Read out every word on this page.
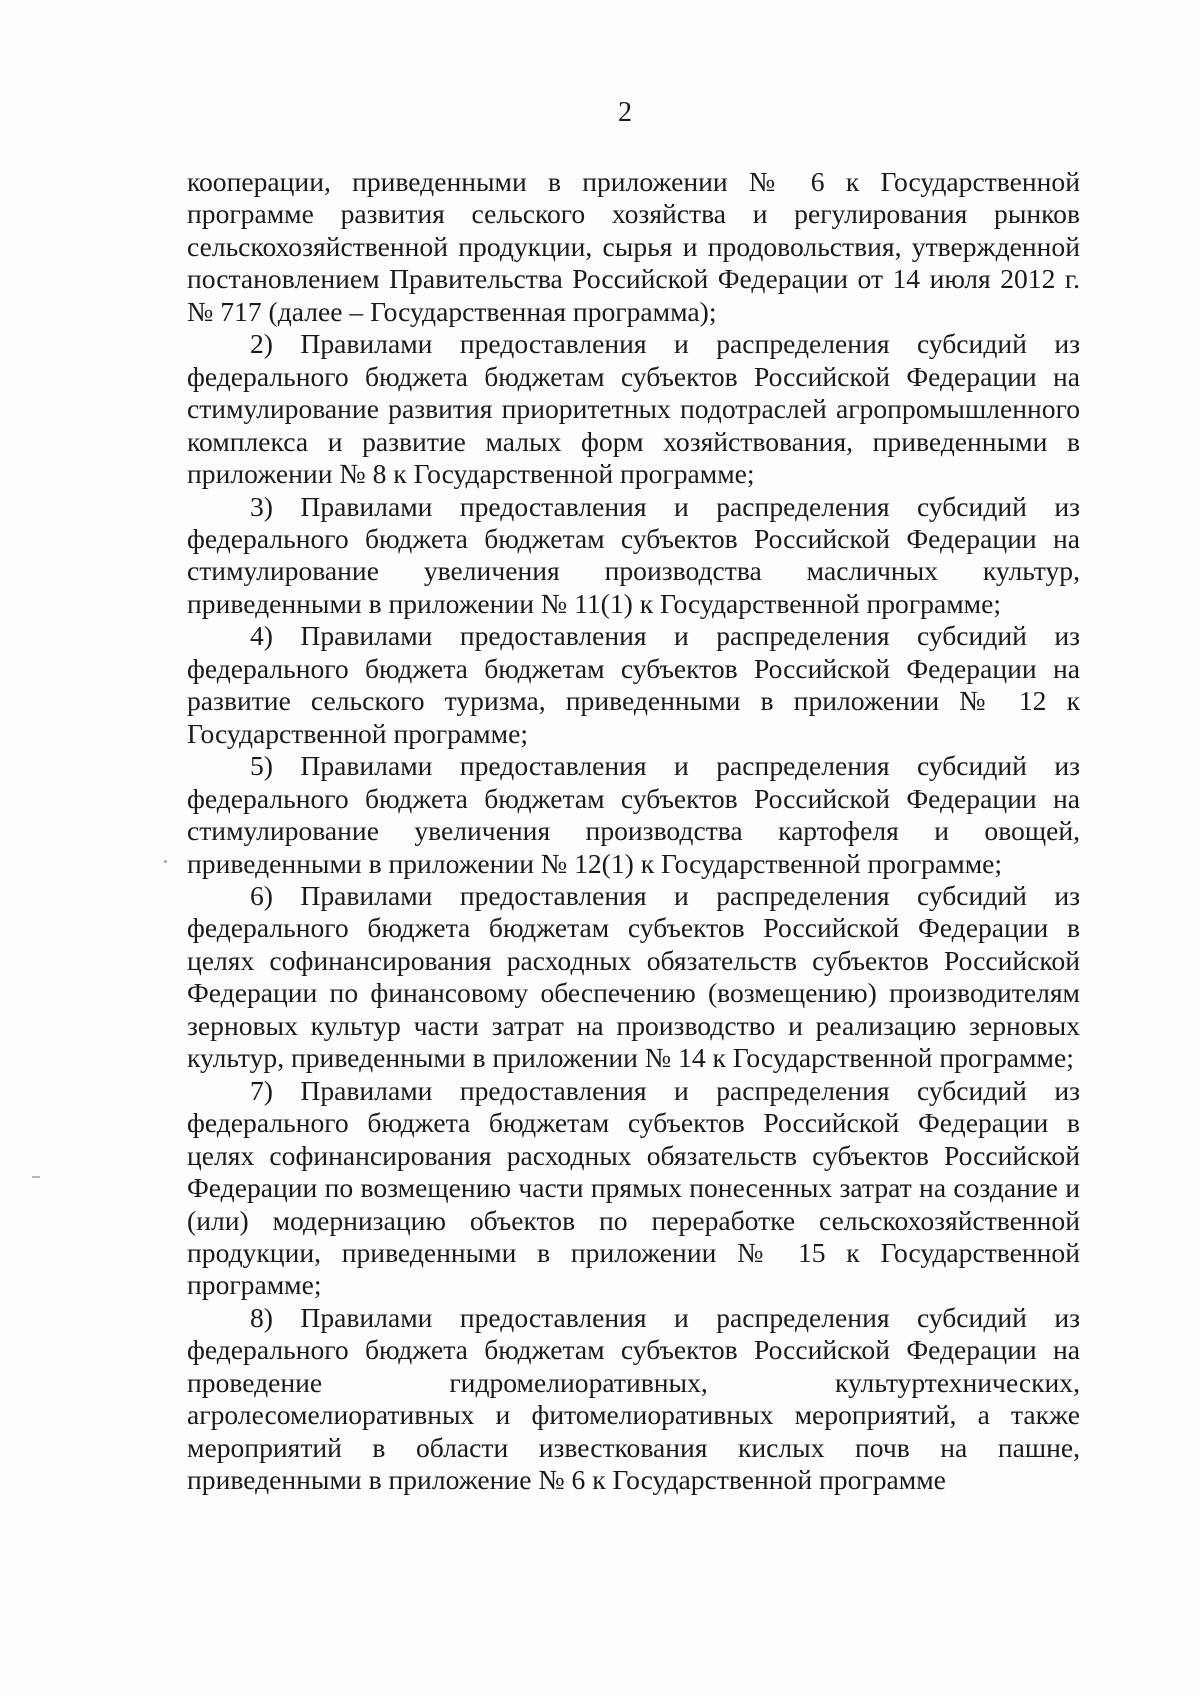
2

кооперации, приведенными в приложении № 6 к Государственной программе развития сельского хозяйства и регулирования рынков сельскохозяйственной продукции, сырья и продовольствия, утвержденной постановлением Правительства Российской Федерации от 14 июля 2012 г. № 717 (далее – Государственная программа);

2) Правилами предоставления и распределения субсидий из федерального бюджета бюджетам субъектов Российской Федерации на стимулирование развития приоритетных подотраслей агропромышленного комплекса и развитие малых форм хозяйствования, приведенными в приложении № 8 к Государственной программе;

3) Правилами предоставления и распределения субсидий из федерального бюджета бюджетам субъектов Российской Федерации на стимулирование увеличения производства масличных культур, приведенными в приложении № 11(1) к Государственной программе;

4) Правилами предоставления и распределения субсидий из федерального бюджета бюджетам субъектов Российской Федерации на развитие сельского туризма, приведенными в приложении № 12 к Государственной программе;

5) Правилами предоставления и распределения субсидий из федерального бюджета бюджетам субъектов Российской Федерации на стимулирование увеличения производства картофеля и овощей, приведенными в приложении № 12(1) к Государственной программе;

6) Правилами предоставления и распределения субсидий из федерального бюджета бюджетам субъектов Российской Федерации в целях софинансирования расходных обязательств субъектов Российской Федерации по финансовому обеспечению (возмещению) производителям зерновых культур части затрат на производство и реализацию зерновых культур, приведенными в приложении № 14 к Государственной программе;

7) Правилами предоставления и распределения субсидий из федерального бюджета бюджетам субъектов Российской Федерации в целях софинансирования расходных обязательств субъектов Российской Федерации по возмещению части прямых понесенных затрат на создание и (или) модернизацию объектов по переработке сельскохозяйственной продукции, приведенными в приложении № 15 к Государственной программе;

8) Правилами предоставления и распределения субсидий из федерального бюджета бюджетам субъектов Российской Федерации на проведение гидромелиоративных, культуртехнических, агролесомелиоративных и фитомелиоративных мероприятий, а также мероприятий в области известкования кислых почв на пашне, приведенными в приложение № 6 к Государственной программе
